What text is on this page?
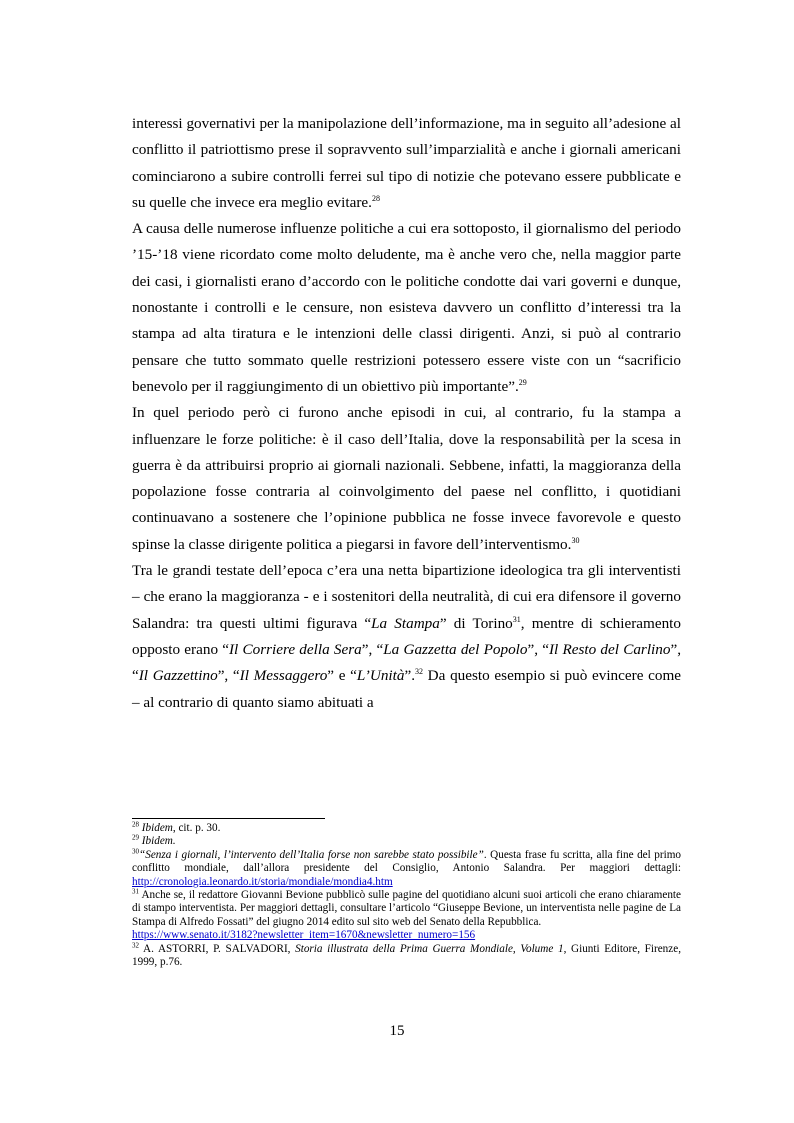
interessi governativi per la manipolazione dell’informazione, ma in seguito all’adesione al conflitto il patriottismo prese il sopravvento sull’imparzialità e anche i giornali americani cominciarono a subire controlli ferrei sul tipo di notizie che potevano essere pubblicate e su quelle che invece era meglio evitare.$^{28}$

A causa delle numerose influenze politiche a cui era sottoposto, il giornalismo del periodo ’15-’18 viene ricordato come molto deludente, ma è anche vero che, nella maggior parte dei casi, i giornalisti erano d’accordo con le politiche condotte dai vari governi e dunque, nonostante i controlli e le censure, non esisteva davvero un conflitto d’interessi tra la stampa ad alta tiratura e le intenzioni delle classi dirigenti. Anzi, si può al contrario pensare che tutto sommato quelle restrizioni potessero essere viste con un “sacrificio benevolo per il raggiungimento di un obiettivo più importante”.$^{29}$

In quel periodo però ci furono anche episodi in cui, al contrario, fu la stampa a influenzare le forze politiche: è il caso dell’Italia, dove la responsabilità per la scesa in guerra è da attribuirsi proprio ai giornali nazionali. Sebbene, infatti, la maggioranza della popolazione fosse contraria al coinvolgimento del paese nel conflitto, i quotidiani continuavano a sostenere che l’opinione pubblica ne fosse invece favorevole e questo spinse la classe dirigente politica a piegarsi in favore dell’interventismo.$^{30}$

Tra le grandi testate dell’epoca c’era una netta bipartizione ideologica tra gli interventisti – che erano la maggioranza - e i sostenitori della neutralità, di cui era difensore il governo Salandra: tra questi ultimi figurava “La Stampa” di Torino$^{31}$, mentre di schieramento opposto erano “Il Corriere della Sera”, “La Gazzetta del Popolo”, “Il Resto del Carlino”, “Il Gazzettino”, “Il Messaggero” e “L’Unità”.$^{32}$ Da questo esempio si può evincere come – al contrario di quanto siamo abituati a

$^{28}$ Ibidem, cit. p. 30.

$^{29}$ Ibidem.

$^{30}$“Senza i giornali, l’intervento dell’Italia forse non sarebbe stato possibile”. Questa frase fu scritta, alla fine del primo conflitto mondiale, dall’allora presidente del Consiglio, Antonio Salandra. Per maggiori dettagli: http://cronologia.leonardo.it/storia/mondiale/mondia4.htm

$^{31}$ Anche se, il redattore Giovanni Bevione pubblicò sulle pagine del quotidiano alcuni suoi articoli che erano chiaramente di stampo interventista. Per maggiori dettagli, consultare l’articolo “Giuseppe Bevione, un interventista nelle pagine de La Stampa di Alfredo Fossati” del giugno 2014 edito sul sito web del Senato della Repubblica.

https://www.senato.it/3182?newsletter_item=1670&newsletter_numero=156

$^{32}$ A. ASTORRI, P. SALVADORI, Storia illustrata della Prima Guerra Mondiale, Volume 1, Giunti Editore, Firenze, 1999, p.76.

15
